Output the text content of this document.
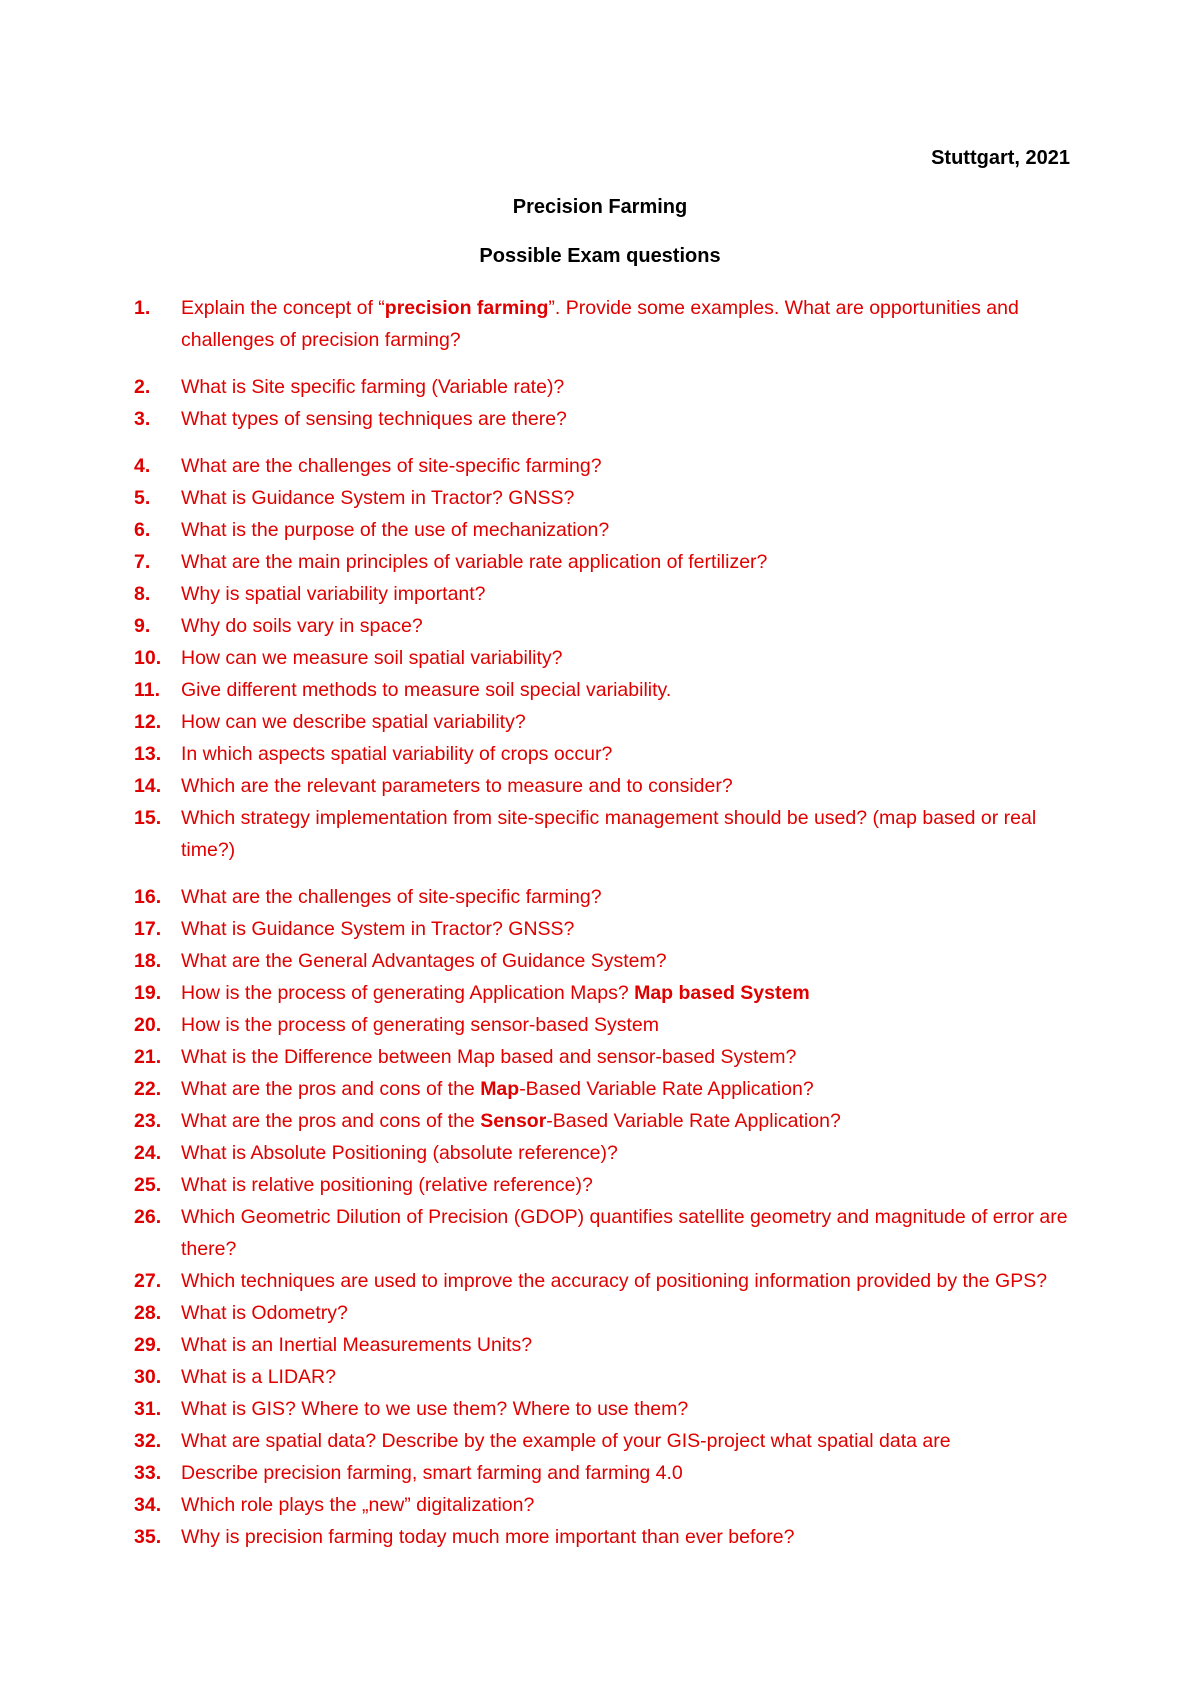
Stuttgart, 2021
Precision Farming
Possible Exam questions
1. Explain the concept of “precision farming”. Provide some examples. What are opportunities and challenges of precision farming?
2. What is Site specific farming (Variable rate)?
3. What types of sensing techniques are there?
4. What are the challenges of site-specific farming?
5. What is Guidance System in Tractor? GNSS?
6. What is the purpose of the use of mechanization?
7. What are the main principles of variable rate application of fertilizer?
8. Why is spatial variability important?
9. Why do soils vary in space?
10. How can we measure soil spatial variability?
11. Give different methods to measure soil special variability.
12. How can we describe spatial variability?
13. In which aspects spatial variability of crops occur?
14. Which are the relevant parameters to measure and to consider?
15. Which strategy implementation from site-specific management should be used? (map based or real time?)
16. What are the challenges of site-specific farming?
17. What is Guidance System in Tractor? GNSS?
18. What are the General Advantages of Guidance System?
19. How is the process of generating Application Maps? Map based System
20. How is the process of generating sensor-based System
21. What is the Difference between Map based and sensor-based System?
22. What are the pros and cons of the Map-Based Variable Rate Application?
23. What are the pros and cons of the Sensor-Based Variable Rate Application?
24. What is Absolute Positioning (absolute reference)?
25. What is relative positioning (relative reference)?
26. Which Geometric Dilution of Precision (GDOP) quantifies satellite geometry and magnitude of error are there?
27. Which techniques are used to improve the accuracy of positioning information provided by the GPS?
28. What is Odometry?
29. What is an Inertial Measurements Units?
30. What is a LIDAR?
31. What is GIS? Where to we use them? Where to use them?
32. What are spatial data? Describe by the example of your GIS-project what spatial data are
33. Describe precision farming, smart farming and farming 4.0
34. Which role plays the „new” digitalization?
35. Why is precision farming today much more important than ever before?
